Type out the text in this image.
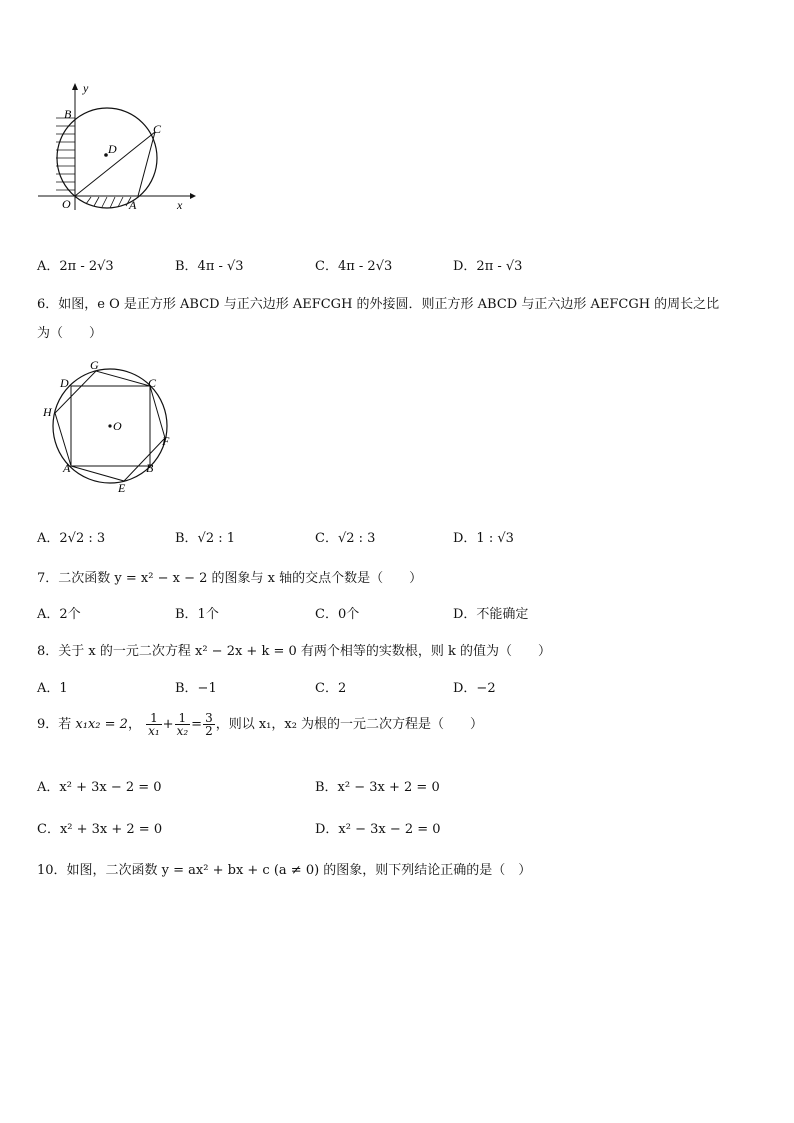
D
y
x
O	A
B
C
A．2π - 2√3	B．4π - √3	C．4π - 2√3	D．2π - √3
6．如图，e O 是正方形 ABCD 与正六边形 AEFCGH 的外接圆．则正方形 ABCD 与正六边形 AEFCGH 的周长之比
为（　　）
O
D
G
C
H
F
A	B
E
A．2√2 : 3	B．√2 : 1	C．√2 : 3	D．1 : √3
7．二次函数 y = x² − x − 2 的图象与 x 轴的交点个数是（　　）
A．2个	B．1个	C．0个	D．不能确定
8．关于 x 的一元二次方程 x² − 2x + k = 0 有两个相等的实数根，则 k 的值为（　　）
A．1	B．−1	C．2	D．−2
9．若 x₁x₂ = 2， $\frac{1}{\text{x₁}} + \frac{1}{\text{x₂}} = \frac{3}{2}$ ，则以 x₁，x₂ 为根的一元二次方程是（　　）
A．x² + 3x − 2 = 0	B．x² − 3x + 2 = 0
C．x² + 3x + 2 = 0	D．x² − 3x − 2 = 0
10．如图，二次函数 y = ax² + bx + c (a ≠ 0) 的图象，则下列结论正确的是（　）
